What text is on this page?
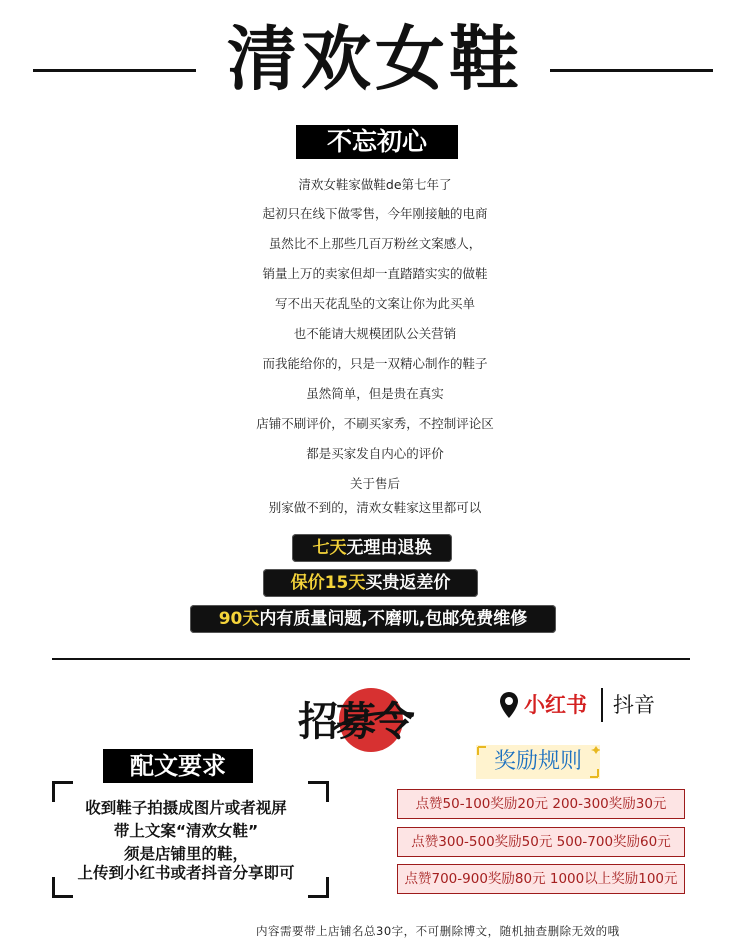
清欢女鞋
不忘初心
清欢女鞋家做鞋de第七年了
起初只在线下做零售，今年刚接触的电商
虽然比不上那些几百万粉丝文案感人，
销量上万的卖家但却一直踏踏实实的做鞋
写不出天花乱坠的文案让你为此买单
也不能请大规模团队公关营销
而我能给你的，只是一双精心制作的鞋子
虽然简单，但是贵在真实
店铺不刷评价，不刷买家秀，不控制评论区
都是买家发自内心的评价
关于售后
别家做不到的，清欢女鞋家这里都可以
七天无理由退换
保价15天买贵返差价
90天内有质量问题,不磨叽,包邮免费维修
招募令	小红书 抖音
配文要求
收到鞋子拍摄成图片或者视屏
带上文案“清欢女鞋”
须是店铺里的鞋，
上传到小红书或者抖音分享即可
奖励规则
点赞50-100奖励20元 200-300奖励30元
点赞300-500奖励50元 500-700奖励60元
点赞700-900奖励80元 1000以上奖励100元
内容需要带上店铺名总30字，不可删除博文，随机抽查删除无效的哦
